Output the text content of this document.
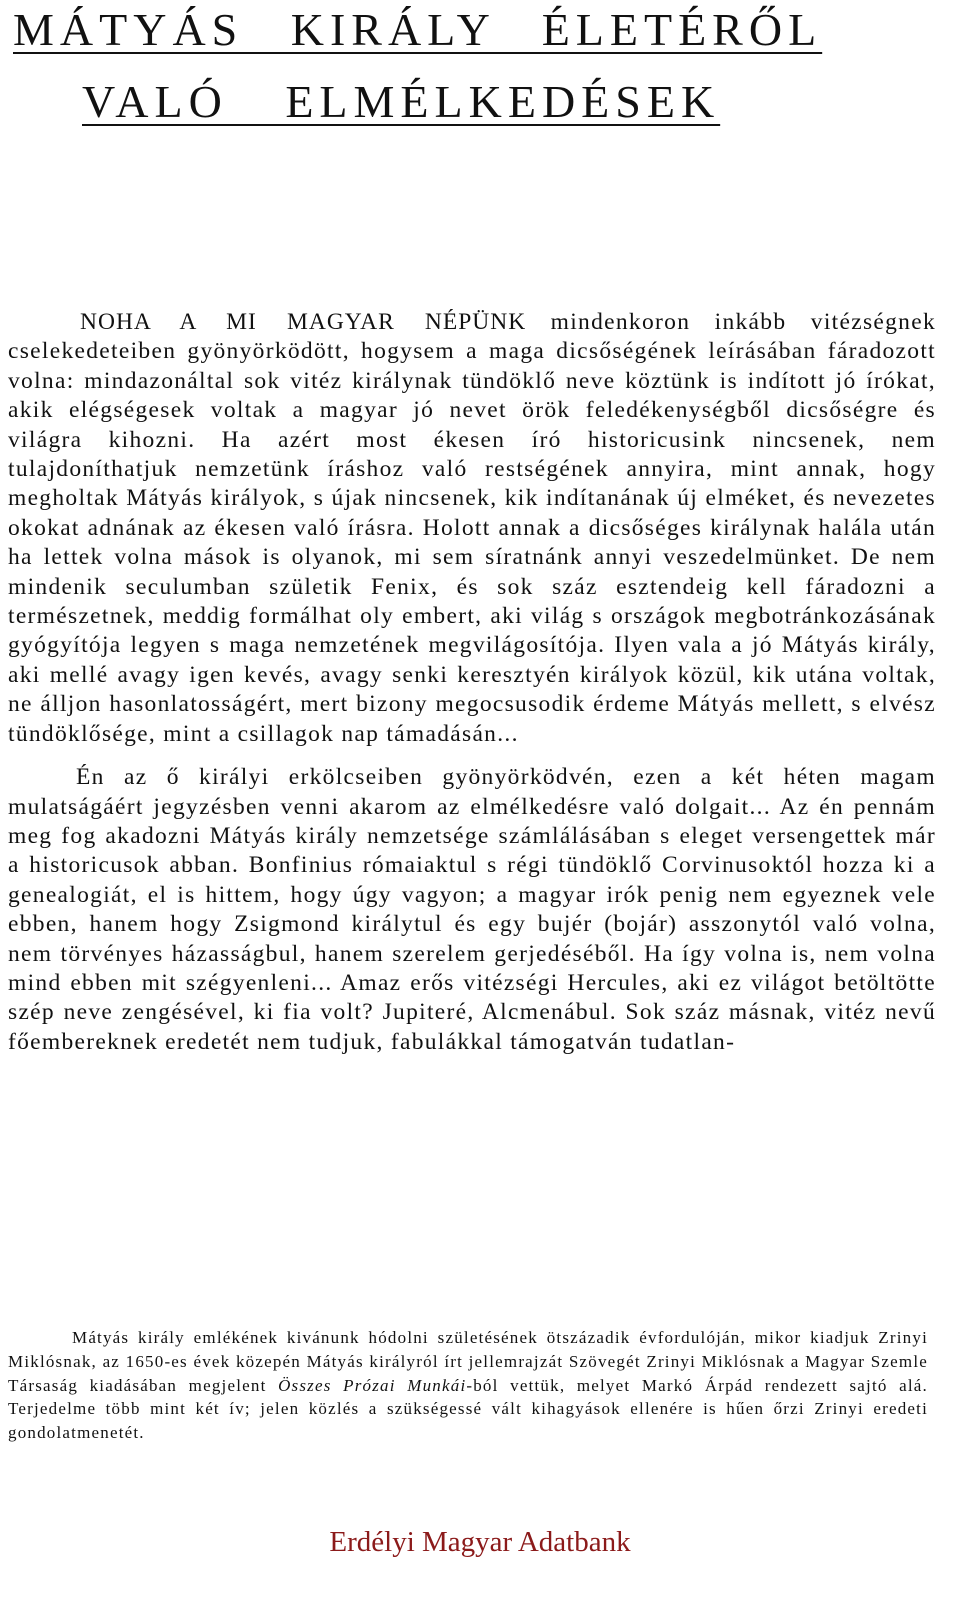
MÁTYÁS KIRÁLY ÉLETÉRŐL
VALÓ ELMÉLKEDÉSEK

NOHA A MI MAGYAR NÉPÜNK mindenkoron inkább vitézségnek cselekedeteiben gyönyörködött, hogysem a maga dicsőségének leírásában fáradozott volna: mindazonáltal sok vitéz királynak tündöklő neve köztünk is indított jó írókat, akik elégségesek voltak a magyar jó nevet örök feledékenységből dicsőségre és világra kihozni. Ha azért most ékesen író historicusink nincsenek, nem tulajdoníthatjuk nemzetünk íráshoz való restségének annyira, mint annak, hogy megholtak Mátyás királyok, s újak nincsenek, kik indítanának új elméket, és nevezetes okokat adnának az ékesen való írásra. Holott annak a dicsőséges királynak halála után ha lettek volna mások is olyanok, mi sem síratnánk annyi veszedelmünket. De nem mindenik seculumban születik Fenix, és sok száz esztendeig kell fáradozni a természetnek, meddig formálhat oly embert, aki világ s országok megbotránkozásának gyógyítója legyen s maga nemzetének megvilágosítója. Ilyen vala a jó Mátyás király, aki mellé avagy igen kevés, avagy senki keresztyén királyok közül, kik utána voltak, ne álljon hasonlatosságért, mert bizony megocsusodik érdeme Mátyás mellett, s elvész tündöklősége, mint a csillagok nap támadásán...

Én az ő királyi erkölcseiben gyönyörködvén, ezen a két héten magam mulatságáért jegyzésben venni akarom az elmélkedésre való dolgait... Az én pennám meg fog akadozni Mátyás király nemzetsége számlálásában s eleget versengettek már a historicusok abban. Bonfinius rómaiaktul s régi tündöklő Corvinusoktól hozza ki a genealogiát, el is hittem, hogy úgy vagyon; a magyar irók penig nem egyeznek vele ebben, hanem hogy Zsigmond királytul és egy bujér (bojár) asszonytól való volna, nem törvényes házasságbul, hanem szerelem gerjedéséből. Ha így volna is, nem volna mind ebben mit szégyenleni... Amaz erős vitézségi Hercules, aki ez világot betöltötte szép neve zengésével, ki fia volt? Jupiteré, Alcmenábul. Sok száz másnak, vitéz nevű főembereknek eredetét nem tudjuk, fabulákkal támogatván tudatlan-

Mátyás király emlékének kivánunk hódolni születésének ötszázadik évfordulóján, mikor kiadjuk Zrinyi Miklósnak, az 1650-es évek közepén Mátyás királyról írt jellemrajzát Szövegét Zrinyi Miklósnak a Magyar Szemle Társaság kiadásában megjelent Összes Prózai Munkái-ból vettük, melyet Markó Árpád rendezett sajtó alá. Terjedelme több mint két ív; jelen közlés a szükségessé vált kihagyások ellenére is hűen őrzi Zrinyi eredeti gondolatmenetét.

Erdélyi Magyar Adatbank
